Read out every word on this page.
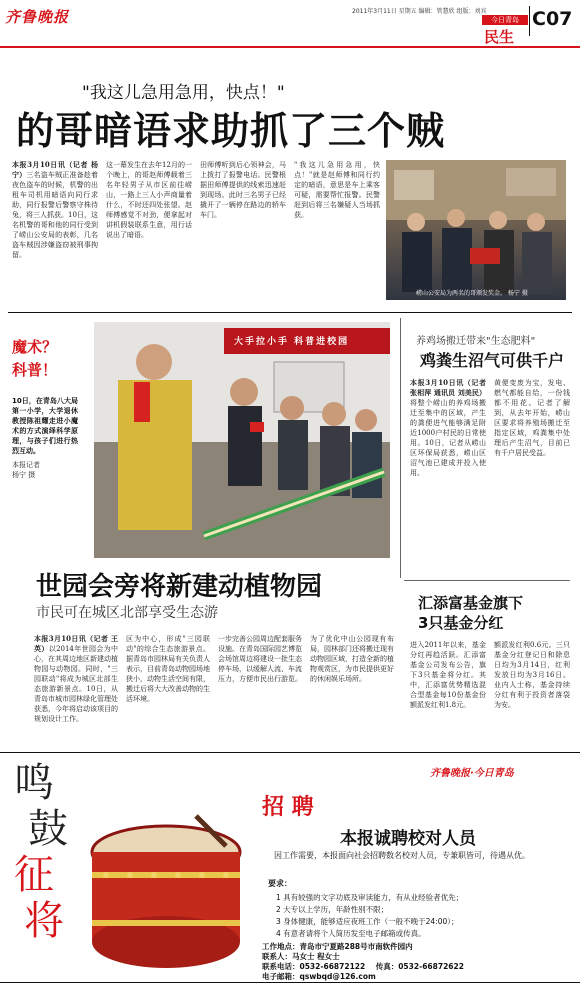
齐鲁晚报	2011年3月11日 星期五 编辑：管慧欣 组版：刘宾
今日青岛
民生
C07
"我这儿急用急用，快点！"
的哥暗语求助抓了三个贼
本报3月10日讯（记者 杨宁）三名盗车贼正准备趁着夜色盗车的时候，机警的出租车司机用暗语向同行求助，同行报警后警察守株待兔，将三人抓获。10日，这名机警的哥和他的同行受到了崂山公安局的表彰，几名盗车贼因涉嫌盗窃被刑事拘留。
这一幕发生在去年12月的一个晚上，的哥赵师傅载着三名年轻男子从市区前往崂山，一路上三人小声商量着什么，不时还四处张望。赵师傅感觉不对劲，便拿起对讲机假装联系生意，用行话说出了暗语。
田师傅听到后心领神会，马上拨打了报警电话。民警根据田师傅提供的线索迅速赶到现场。此时三名男子已经撬开了一辆停在路边的轿车车门。
"我这儿急用急用，快点！"就是赵师傅和同行约定的暗语，意思是车上乘客可疑，需要帮忙报警。民警赶到后将三名嫌疑人当场抓获。
崂山公安局为两名的哥颁发奖金。 杨宁 摄
魔术？
科普！
10日，在青岛八大局第一小学，大学退休教授陈祖耀走进小魔术的方式演绎科学原理，与孩子们进行热烈互动。
本报记者
杨宁 摄
大手拉小手 科普进校园	养鸡场搬迁带来"生态肥料"
鸡粪生沼气可供千户
本报3月10日讯（记者 张相萍 通讯员 刘美民）将整个崂山的养鸡场搬迁至集中的区域，产生的粪便进气能够满足附近1000户村民的日常使用。10日，记者从崂山区环保局获悉，崂山区沼气池已建成并投入使用。
黄便变废为宝，发电、燃气都能自给，一份钱都不用花。记者了解到，从去年开始，崂山区要求将养殖场搬迁至指定区域，鸡粪集中处理后产生沼气，目前已有千户居民受益。
世园会旁将新建动植物园
市民可在城区北部享受生态游
本报3月10日讯（记者 王英）以2014年世园会为中心，在其周边地区新建动植物园与动物园。同时，"三园联动"将成为城区北部生态旅游新景点。10日，从青岛市城市园林绿化管理处获悉，今年将启动该项目的规划设计工作。
区为中心，形成"三园联动"的综合生态旅游景点。据青岛市园林局有关负责人表示，目前青岛动物园场地狭小，动物生活空间有限，搬迁后将大大改善动物的生活环境。
一步完善公园周边配套服务设施。在青岛国际园艺博览会场馆周边将建设一批生态停车场，以缓解人流、车流压力，方便市民出行游览。
为了优化中山公园现有布局，园林部门还将搬迁现有动物园区域，打造全新的植物观赏区，为市民提供更好的休闲娱乐场所。
汇添富基金旗下
3只基金分红
进入2011年以来，基金分红再趋活跃。汇添富基金公司发布公告，旗下3只基金将分红。其中，汇添富优势精选混合型基金每10份基金份额派发红利1.8元。
额派发红利0.6元。三只基金分红登记日和除息日均为3月14日，红利发放日均为3月16日。业内人士称，基金持续分红有利于投资者落袋为安。
鸣
鼓
征
将
齐鲁晚报·今日青岛
招 聘
本报诚聘校对人员
因工作需要，本报面向社会招聘数名校对人员，专兼职皆可，待遇从优。
要求：
1 具有较强的文字功底及审读能力，有从业经验者优先；
2 大专以上学历，年龄性别不限；
3 身体健康，能够适应夜班工作（一般不晚于24:00）；
4 有意者请将个人简历发至电子邮箱或传真。
工作地点：青岛市宁夏路288号市南软件园内
联系人：马女士 程女士
联系电话：0532-66872122 传真：0532-66872622
电子邮箱：qswbqd@126.com
